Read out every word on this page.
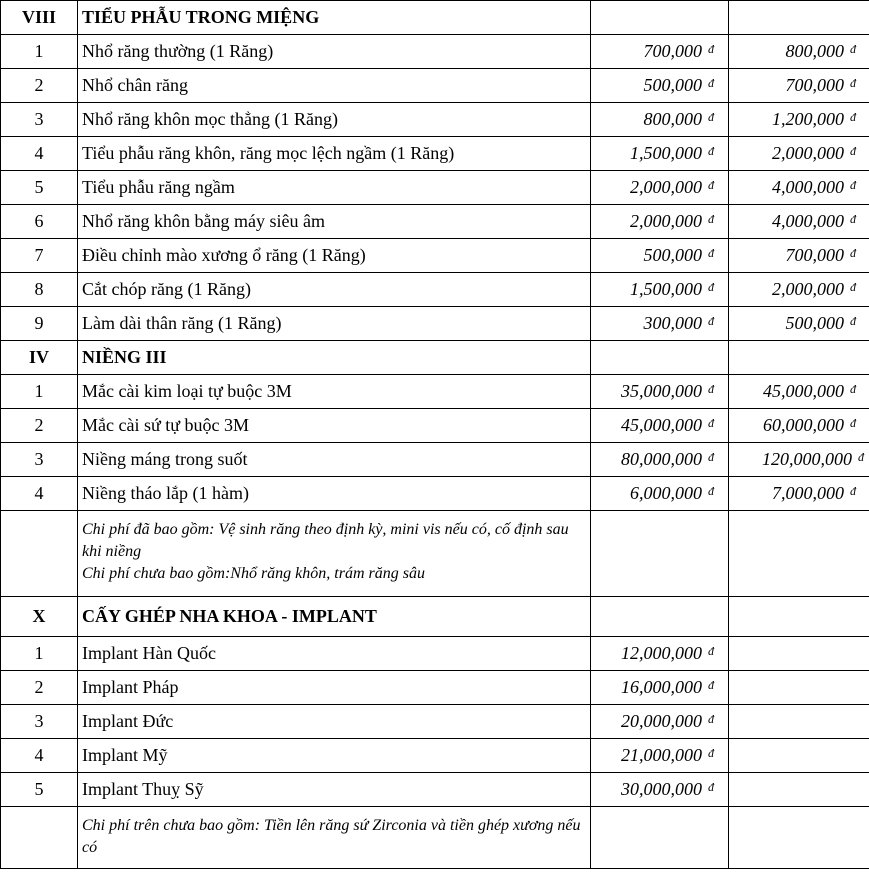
VIII	TIỂU PHẪU TRONG MIỆNG		
1	Nhổ răng thường (1 Răng)	700,000 $^đ$	800,000 $^đ$
2	Nhổ chân răng	500,000 $^đ$	700,000 $^đ$
3	Nhổ răng khôn mọc thẳng (1 Răng)	800,000 $^đ$	1,200,000 $^đ$
4	Tiểu phẫu răng khôn, răng mọc lệch ngầm (1 Răng)	1,500,000 $^đ$	2,000,000 $^đ$
5	Tiểu phẫu răng ngầm	2,000,000 $^đ$	4,000,000 $^đ$
6	Nhổ răng khôn bằng máy siêu âm	2,000,000 $^đ$	4,000,000 $^đ$
7	Điều chỉnh mào xương ổ răng (1 Răng)	500,000 $^đ$	700,000 $^đ$
8	Cắt chóp răng (1 Răng)	1,500,000 $^đ$	2,000,000 $^đ$
9	Làm dài thân răng (1 Răng)	300,000 $^đ$	500,000 $^đ$
IV	NIỀNG III		
1	Mắc cài kim loại tự buộc 3M	35,000,000 $^đ$	45,000,000 $^đ$
2	Mắc cài sứ tự buộc 3M	45,000,000 $^đ$	60,000,000 $^đ$
3	Niềng máng trong suốt	80,000,000 $^đ$	120,000,000 $^đ$
4	Niềng tháo lắp (1 hàm)	6,000,000 $^đ$	7,000,000 $^đ$

	Chi phí đã bao gồm: Vệ sinh răng theo định kỳ, mini vis nếu có, cố định sau khi niềng
Chi phí chưa bao gồm:Nhổ răng khôn, trám răng sâu		

X	CẤY GHÉP NHA KHOA - IMPLANT		
1	Implant Hàn Quốc	12,000,000 $^đ$	
2	Implant Pháp	16,000,000 $^đ$	
3	Implant Đức	20,000,000 $^đ$	
4	Implant Mỹ	21,000,000 $^đ$	
5	Implant Thuỵ Sỹ	30,000,000 $^đ$	

	Chi phí trên chưa bao gồm: Tiền lên răng sứ Zirconia và tiền ghép xương nếu có		
